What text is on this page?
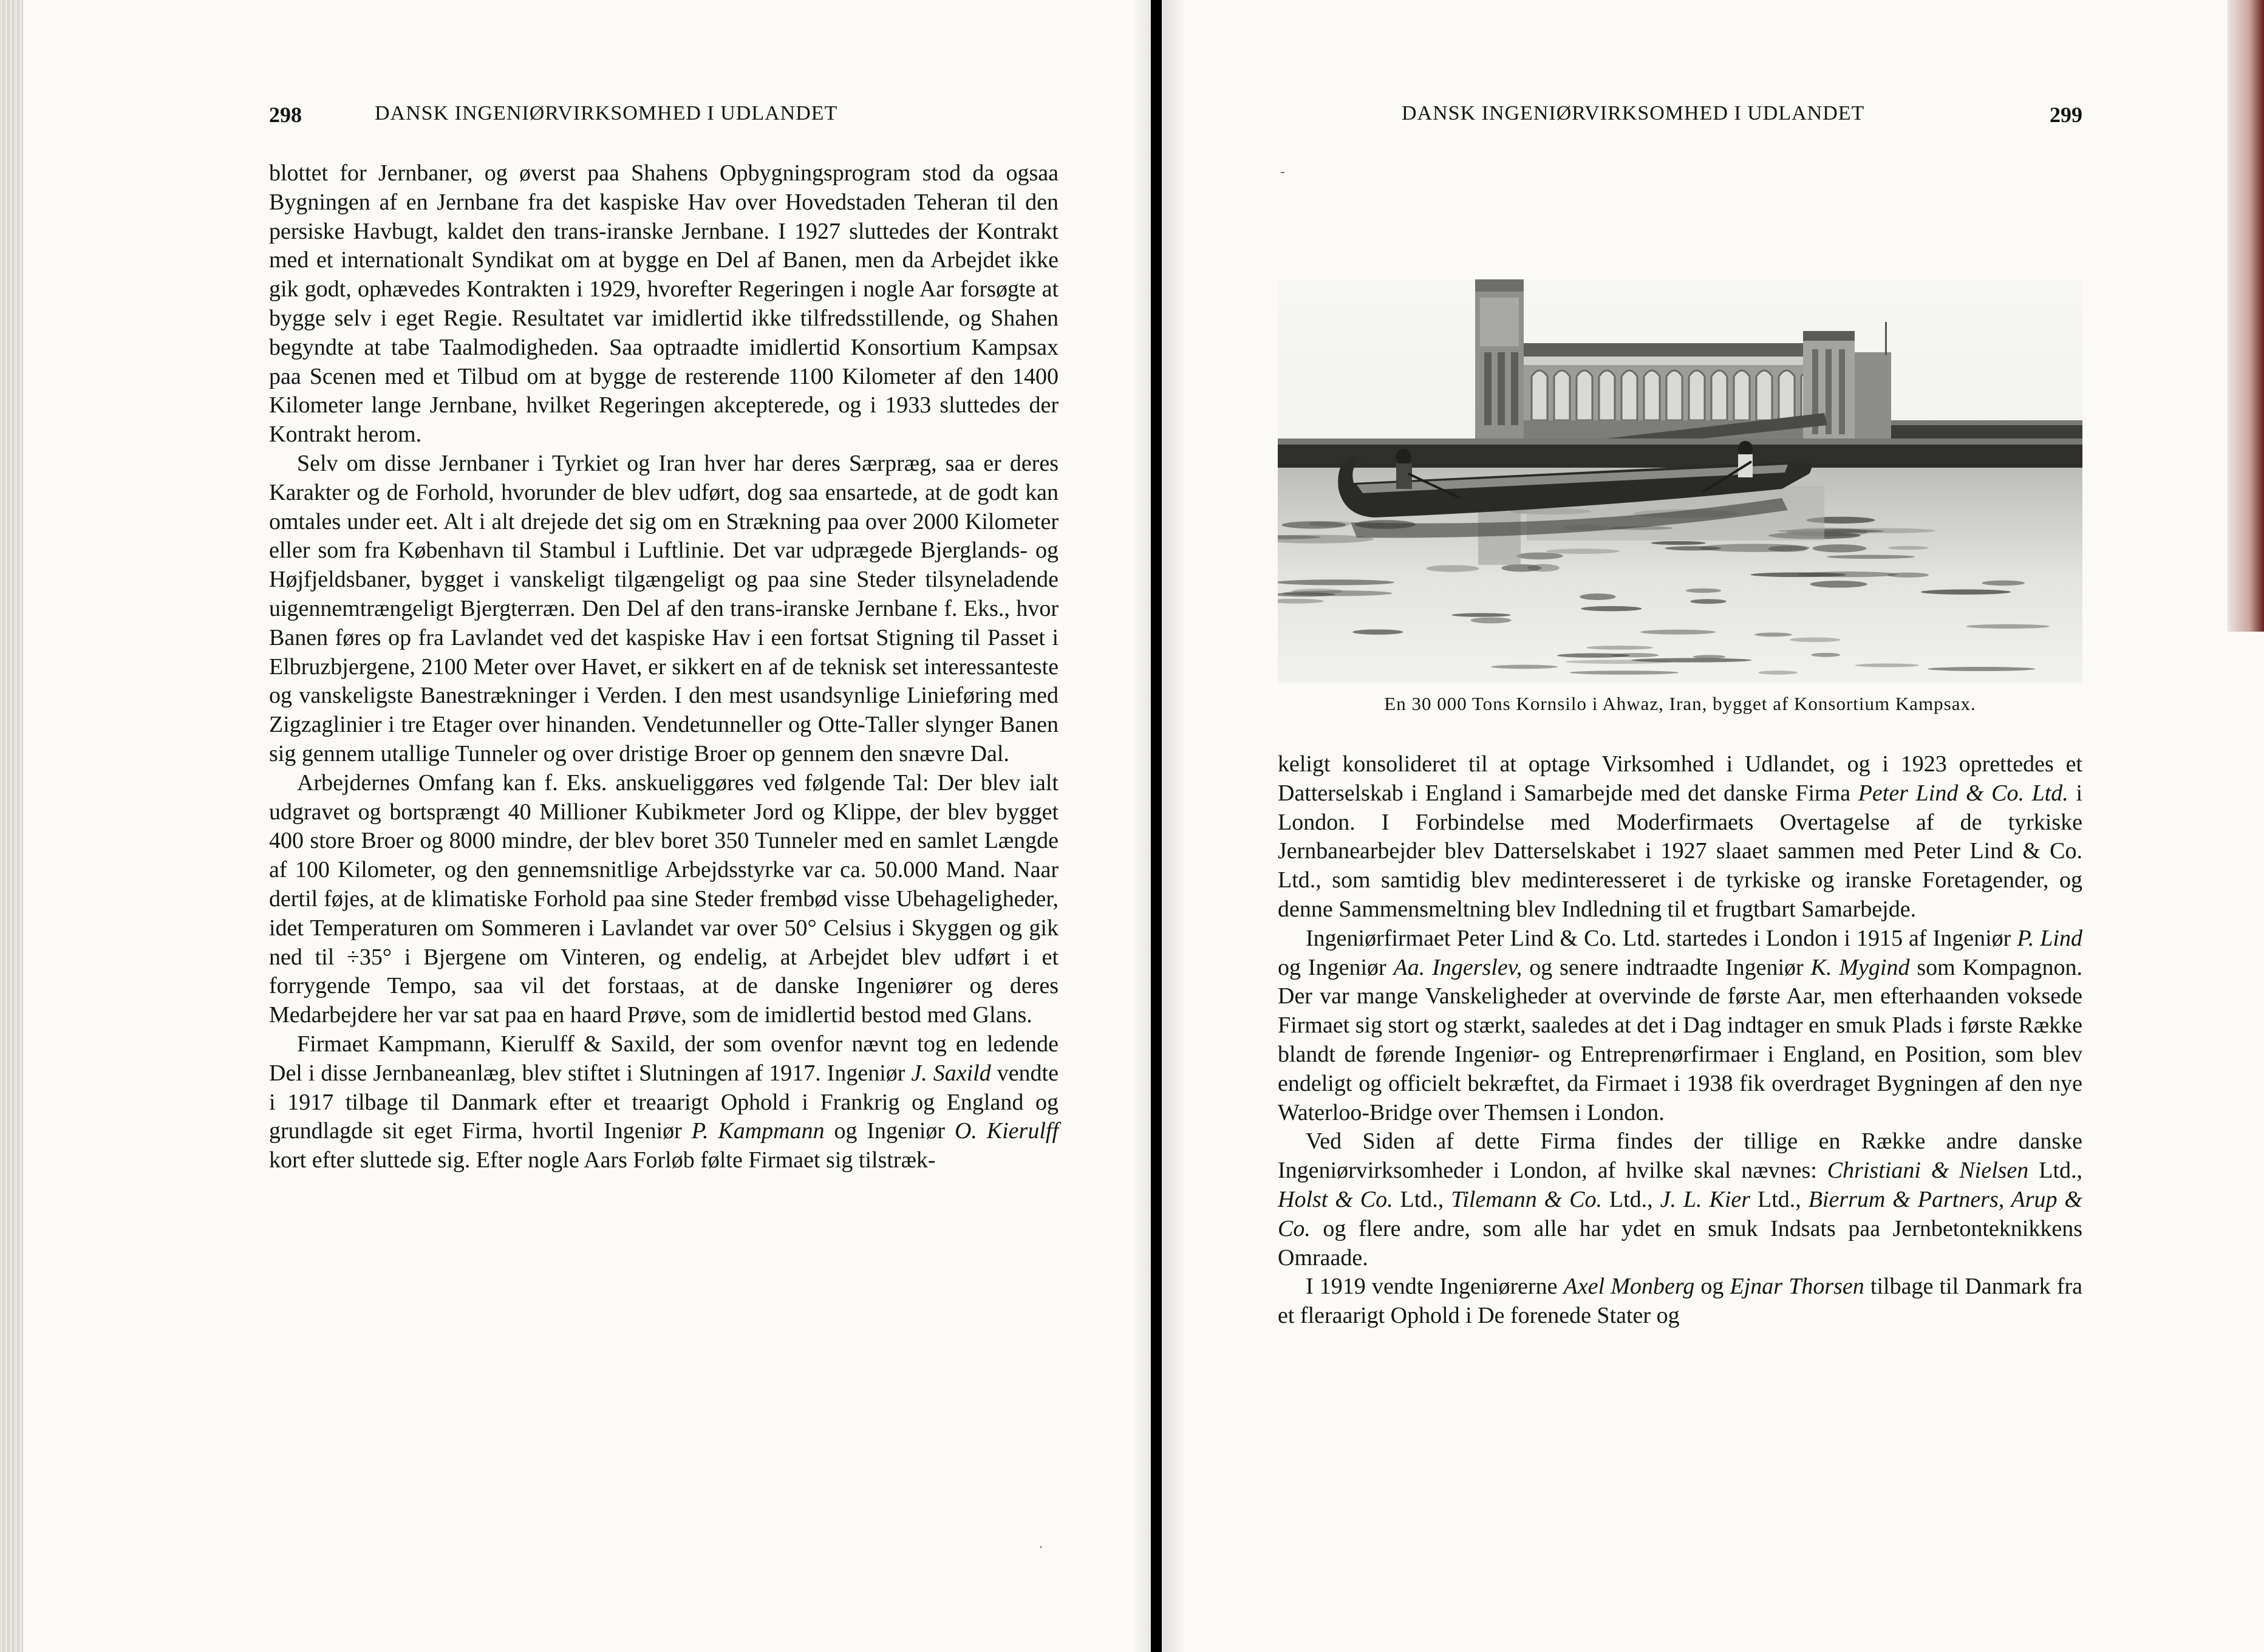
298	DANSK INGENIØRVIRKSOMHED I UDLANDET

blottet for Jernbaner, og øverst paa Shahens Opbygningsprogram stod da ogsaa Bygningen af en Jernbane fra det kaspiske Hav over Hovedstaden Teheran til den persiske Havbugt, kaldet den trans-iranske Jernbane. I 1927 sluttedes der Kontrakt med et internationalt Syndikat om at bygge en Del af Banen, men da Arbejdet ikke gik godt, ophævedes Kontrakten i 1929, hvorefter Regeringen i nogle Aar forsøgte at bygge selv i eget Regie. Resultatet var imidlertid ikke tilfredsstillende, og Shahen begyndte at tabe Taalmodigheden. Saa optraadte imidlertid Konsortium Kampsax paa Scenen med et Tilbud om at bygge de resterende 1100 Kilometer af den 1400 Kilometer lange Jernbane, hvilket Regeringen akcepterede, og i 1933 sluttedes der Kontrakt herom.

Selv om disse Jernbaner i Tyrkiet og Iran hver har deres Særpræg, saa er deres Karakter og de Forhold, hvorunder de blev udført, dog saa ensartede, at de godt kan omtales under eet. Alt i alt drejede det sig om en Strækning paa over 2000 Kilometer eller som fra København til Stambul i Luftlinie. Det var udprægede Bjerglands- og Højfjeldsbaner, bygget i vanskeligt tilgængeligt og paa sine Steder tilsyneladende uigennemtrængeligt Bjergterræn. Den Del af den trans-iranske Jernbane f. Eks., hvor Banen føres op fra Lavlandet ved det kaspiske Hav i een fortsat Stigning til Passet i Elbruzbjergene, 2100 Meter over Havet, er sikkert en af de teknisk set interessanteste og vanskeligste Banestrækninger i Verden. I den mest usandsynlige Linieføring med Zigzaglinier i tre Etager over hinanden. Vendetunneller og Otte-Taller slynger Banen sig gennem utallige Tunneler og over dristige Broer op gennem den snævre Dal.

Arbejdernes Omfang kan f. Eks. anskueliggøres ved følgende Tal: Der blev ialt udgravet og bortsprængt 40 Millioner Kubikmeter Jord og Klippe, der blev bygget 400 store Broer og 8000 mindre, der blev boret 350 Tunneler med en samlet Længde af 100 Kilometer, og den gennemsnitlige Arbejdsstyrke var ca. 50.000 Mand. Naar dertil føjes, at de klimatiske Forhold paa sine Steder frembød visse Ubehageligheder, idet Temperaturen om Sommeren i Lavlandet var over 50° Celsius i Skyggen og gik ned til ÷35° i Bjergene om Vinteren, og endelig, at Arbejdet blev udført i et forrygende Tempo, saa vil det forstaas, at de danske Ingeniører og deres Medarbejdere her var sat paa en haard Prøve, som de imidlertid bestod med Glans.

Firmaet Kampmann, Kierulff & Saxild, der som ovenfor nævnt tog en ledende Del i disse Jernbaneanlæg, blev stiftet i Slutningen af 1917. Ingeniør J. Saxild vendte i 1917 tilbage til Danmark efter et treaarigt Ophold i Frankrig og England og grundlagde sit eget Firma, hvortil Ingeniør P. Kampmann og Ingeniør O. Kierulff kort efter sluttede sig. Efter nogle Aars Forløb følte Firmaet sig tilstræk-

·
DANSK INGENIØRVIRKSOMHED I UDLANDET	299
-
En 30 000 Tons Kornsilo i Ahwaz, Iran, bygget af Konsortium Kampsax.

keligt konsolideret til at optage Virksomhed i Udlandet, og i 1923 oprettedes et Datterselskab i England i Samarbejde med det danske Firma Peter Lind & Co. Ltd. i London. I Forbindelse med Moderfirmaets Overtagelse af de tyrkiske Jernbanearbejder blev Datterselskabet i 1927 slaaet sammen med Peter Lind & Co. Ltd., som samtidig blev medinteresseret i de tyrkiske og iranske Foretagender, og denne Sammensmeltning blev Indledning til et frugtbart Samarbejde.

Ingeniørfirmaet Peter Lind & Co. Ltd. startedes i London i 1915 af Ingeniør P. Lind og Ingeniør Aa. Ingerslev, og senere indtraadte Ingeniør K. Mygind som Kompagnon. Der var mange Vanskeligheder at overvinde de første Aar, men efterhaanden voksede Firmaet sig stort og stærkt, saaledes at det i Dag indtager en smuk Plads i første Række blandt de førende Ingeniør- og Entreprenørfirmaer i England, en Position, som blev endeligt og officielt bekræftet, da Firmaet i 1938 fik overdraget Bygningen af den nye Waterloo-Bridge over Themsen i London.

Ved Siden af dette Firma findes der tillige en Række andre danske Ingeniørvirksomheder i London, af hvilke skal nævnes: Christiani & Nielsen Ltd., Holst & Co. Ltd., Tilemann & Co. Ltd., J. L. Kier Ltd., Bierrum & Partners, Arup & Co. og flere andre, som alle har ydet en smuk Indsats paa Jernbetonteknikkens Omraade.

I 1919 vendte Ingeniørerne Axel Monberg og Ejnar Thorsen tilbage til Danmark fra et fleraarigt Ophold i De forenede Stater og
